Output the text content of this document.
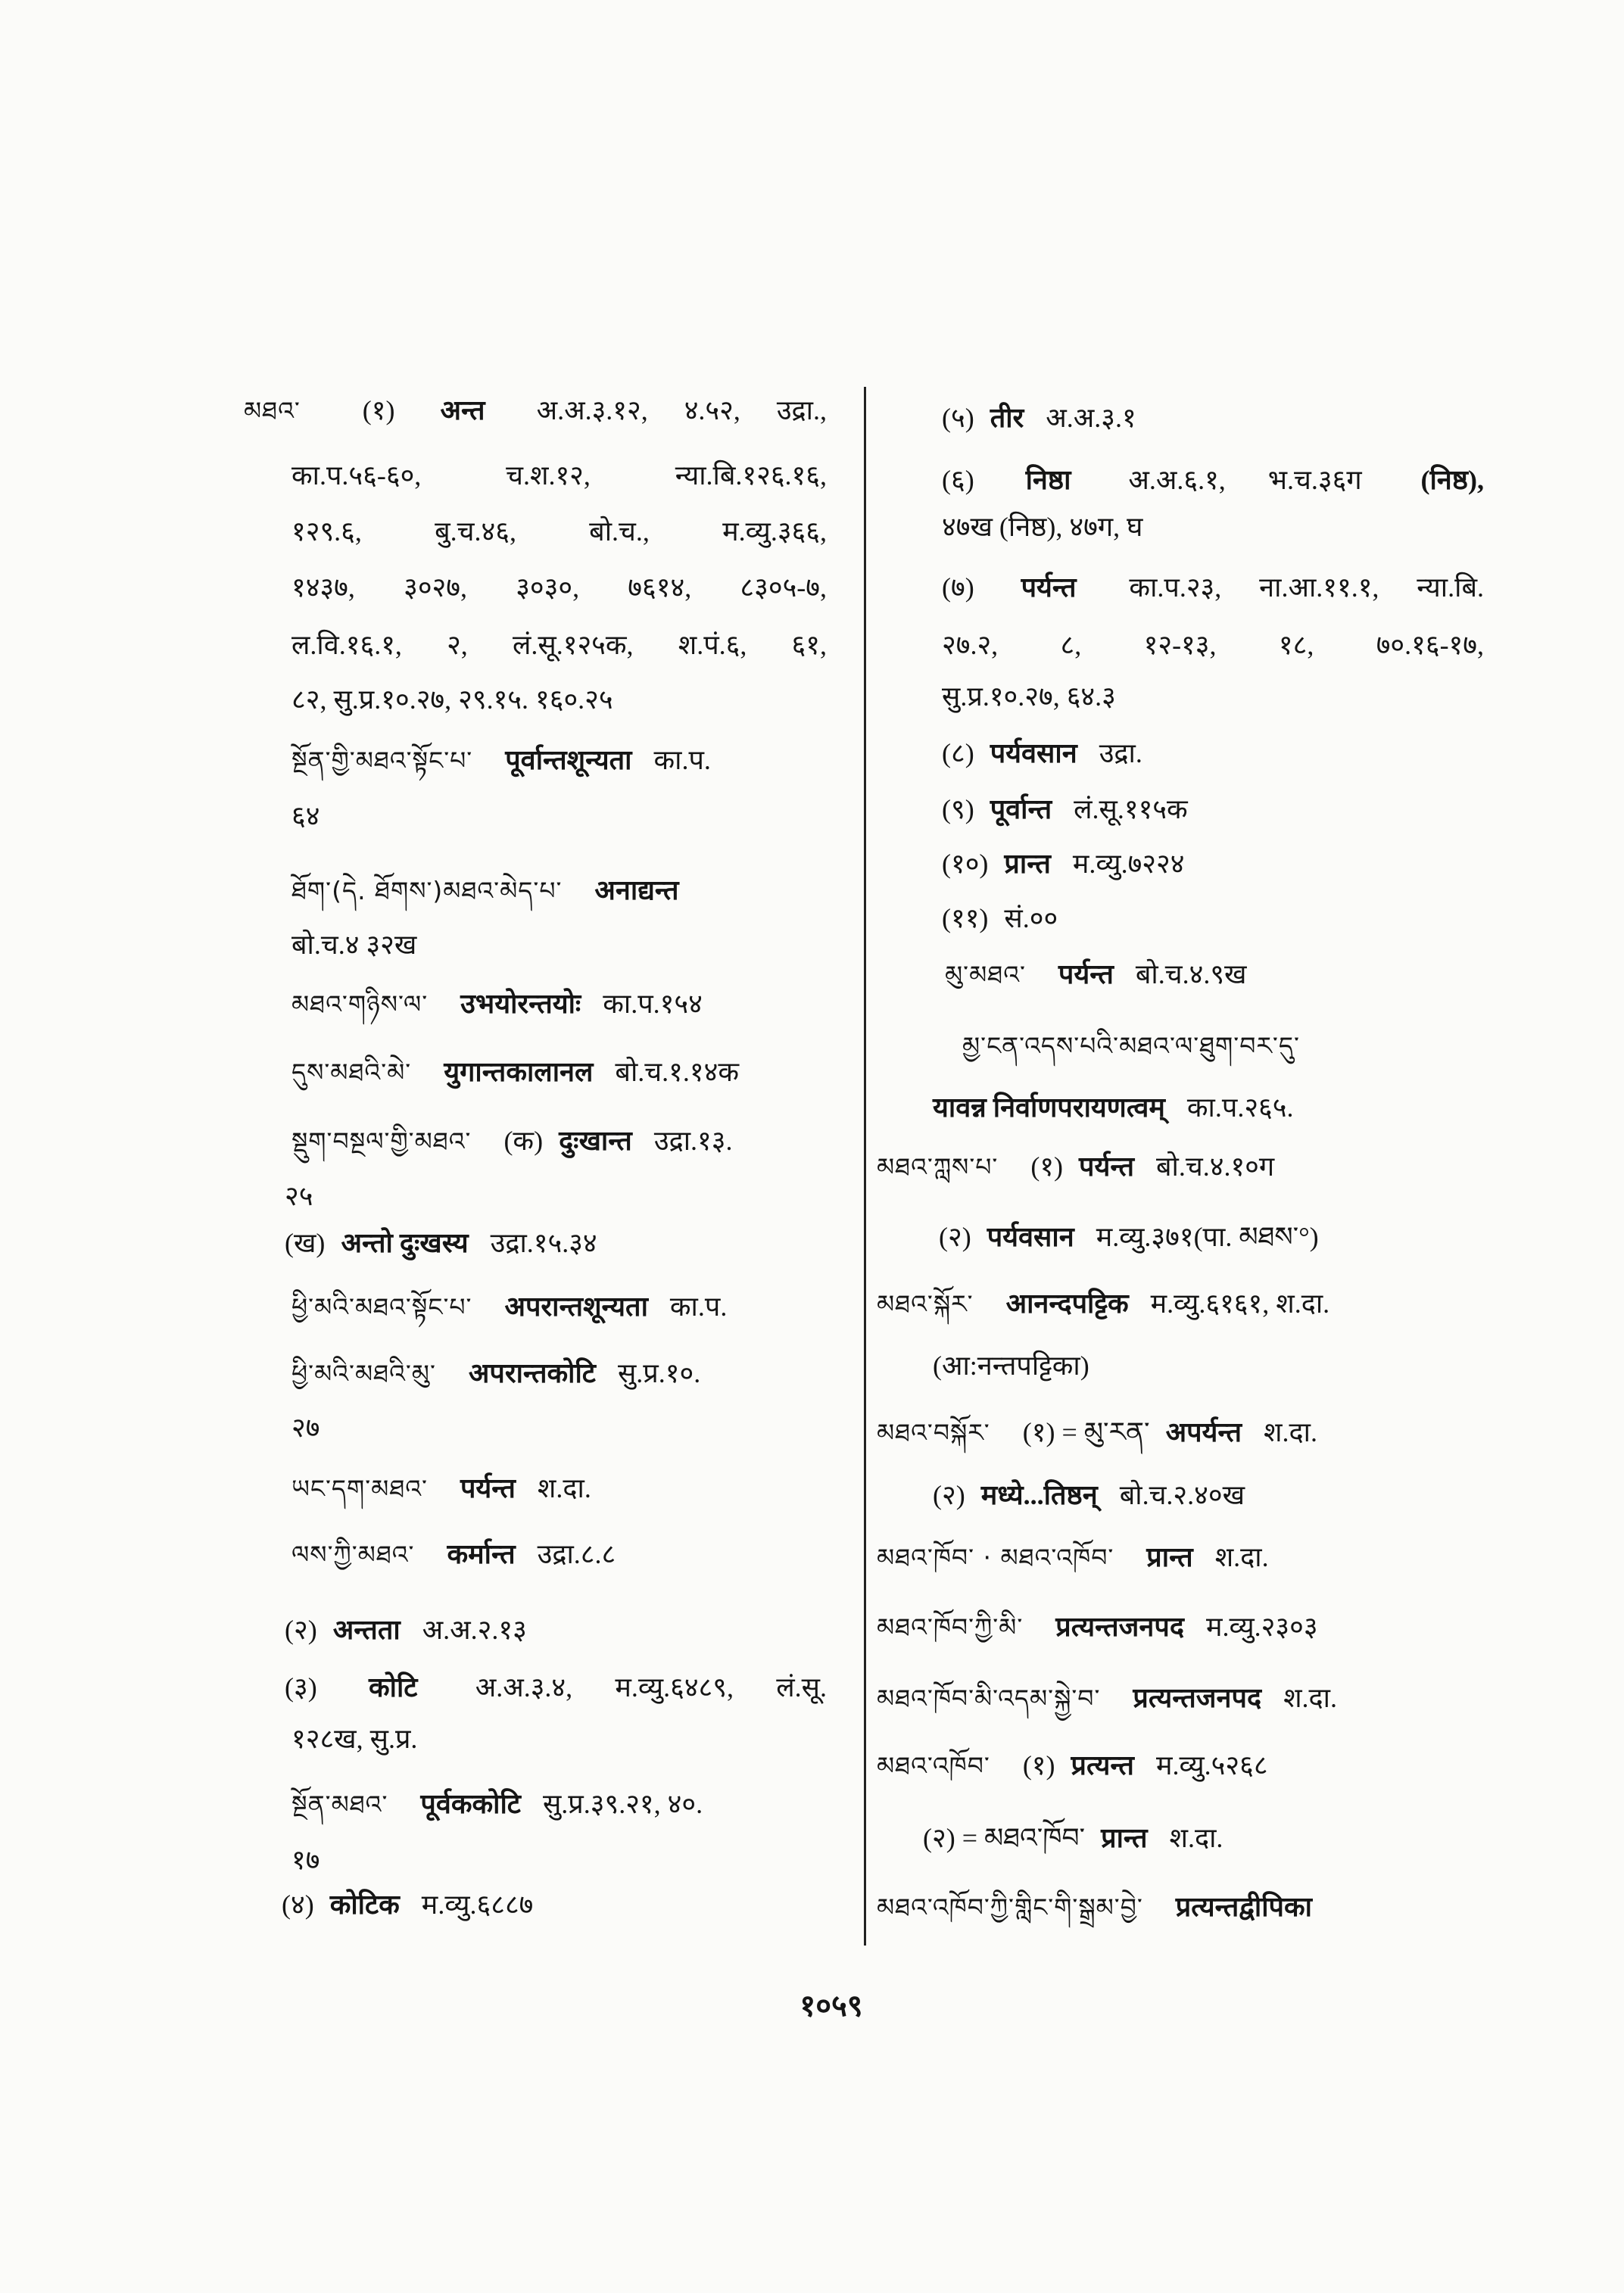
མཐའ་ (१) अन्त अ.अ.३.१२, ४.५२, उद्रा.,
का.प.५६-६०, च.श.१२, न्या.बि.१२६.१६,
१२९.६, बु.च.४६, बो.च., म.व्यु.३६६,
१४३७, ३०२७, ३०३०, ७६१४, ८३०५-७,
ल.वि.१६.१, २, लं.सू.१२५क, श.पं.६, ६१,
८२, सु.प्र.१०.२७, २९.१५. १६०.२५
སྔོན་གྱི་མཐའ་སྟོང་པ་ पूर्वान्तशून्यता का.प.
६४
ཐོག་(དེ. ཐོགས་)མཐའ་མེད་པ་ अनाद्यन्त
बो.च.४ ३२ख
མཐའ་གཉིས་ལ་ उभयोरन्तयोः का.प.१५४
དུས་མཐའི་མེ་ युगान्तकालानल बो.च.१.१४क
སྡུག་བསྔལ་གྱི་མཐའ་ (क) दुःखान्त उद्रा.१३.
२५
(ख) अन्तो दुःखस्य उद्रा.१५.३४
ཕྱི་མའི་མཐའ་སྟོང་པ་ अपरान्तशून्यता का.प.
ཕྱི་མའི་མཐའི་མུ་ अपरान्तकोटि सु.प्र.१०.
२७
ཡང་དག་མཐའ་ पर्यन्त श.दा.
ལས་ཀྱི་མཐའ་ कर्मान्त उद्रा.८.८
(२) अन्तता अ.अ.२.१३
(३) कोटि अ.अ.३.४, म.व्यु.६४८९, लं.सू.
१२८ख, सु.प्र.
སྔོན་མཐའ་ पूर्वककोटि सु.प्र.३९.२१, ४०.
१७
(४) कोटिक म.व्यु.६८८७
(५) तीर अ.अ.३.१
(६) निष्ठा अ.अ.६.१, भ.च.३६ग (निष्ठ),
४७ख (निष्ठ), ४७ग, घ
(७) पर्यन्त का.प.२३, ना.आ.११.१, न्या.बि.
२७.२, ८, १२-१३, १८, ७०.१६-१७,
सु.प्र.१०.२७, ६४.३
(८) पर्यवसान उद्रा.
(९) पूर्वान्त लं.सू.११५क
(१०) प्रान्त म.व्यु.७२२४
(११) सं.००
མུ་མཐའ་ पर्यन्त बो.च.४.९ख
མྱ་ངན་འདས་པའི་མཐའ་ལ་ཐུག་བར་དུ་
यावन्न निर्वाणपरायणत्वम् का.प.२६५.
མཐའ་ཀླས་པ་ (१) पर्यन्त बो.च.४.१०ग
(२) पर्यवसान म.व्यु.३७१(पा. མཐས་°)
མཐའ་སྐོར་ आनन्दपट्टिक म.व्यु.६१६१, श.दा.
(आ:नन्तपट्टिका)
མཐའ་བསྐོར་ (१) = མུ་རན་ अपर्यन्त श.दा.
(२) मध्ये...तिष्ठन् बो.च.२.४०ख
མཐའ་ཁོབ་ · མཐའ་འཁོབ་ प्रान्त श.दा.
མཐའ་ཁོབ་ཀྱི་མི་ प्रत्यन्तजनपद म.व्यु.२३०३
མཐའ་ཁོབ་མི་འདམ་སྐྱེ་བ་ प्रत्यन्तजनपद श.दा.
མཐའ་འཁོབ་ (१) प्रत्यन्त म.व्यु.५२६८
(२) = མཐའ་ཁོབ་ प्रान्त श.दा.
མཐའ་འཁོབ་ཀྱི་གླིང་གི་སྒྲམ་བྱེ་ प्रत्यन्तद्वीपिका
१०५९
